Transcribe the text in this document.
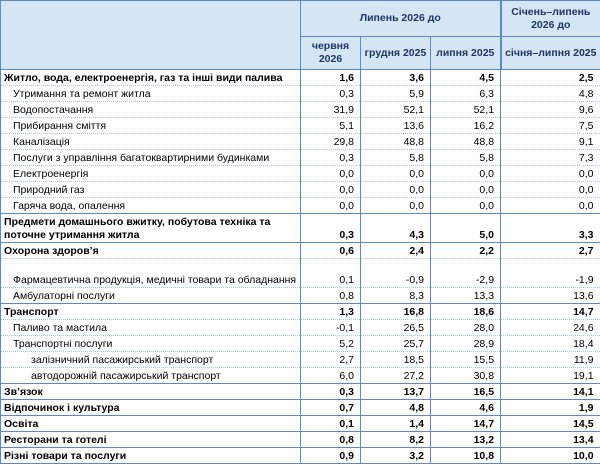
	Липень 2026 до			Січень–липень 2026 до
	червня 2026	грудня 2025	липня 2025	січня–липня 2025
Житло, вода, електроенергія, газ та інші види палива	1,6	3,6	4,5	2,5
Утримання та ремонт житла	0,3	5,9	6,3	4,8
Водопостачання	31,9	52,1	52,1	9,6
Прибирання сміття	5,1	13,6	16,2	7,5
Каналізація	29,8	48,8	48,8	9,1
Послуги з управління багатоквартирними будинками	0,3	5,8	5,8	7,3
Електроенергія	0,0	0,0	0,0	0,0
Природний газ	0,0	0,0	0,0	0,0
Гаряча вода, опалення	0,0	0,0	0,0	0,0
Предмети домашнього вжитку, побутова техніка та поточне утримання житла	0,3	4,3	5,0	3,3
Охорона здоров’я	0,6	2,4	2,2	2,7
Фармацевтична продукція, медичні товари та обладнання	0,1	-0,9	-2,9	-1,9
Амбулаторні послуги	0,8	8,3	13,3	13,6
Транспорт	1,3	16,8	18,6	14,7
Паливо та мастила	-0,1	26,5	28,0	24,6
Транспортні послуги	5,2	25,7	28,9	18,4
залізничний пасажирський транспорт	2,7	18,5	15,5	11,9
автодорожній пасажирський транспорт	6,0	27,2	30,8	19,1
Зв’язок	0,3	13,7	16,5	14,1
Відпочинок і культура	0,7	4,8	4,6	1,9
Освіта	0,1	1,4	14,7	14,5
Ресторани та готелі	0,8	8,2	13,2	13,4
Різні товари та послуги	0,9	3,2	10,8	10,0
